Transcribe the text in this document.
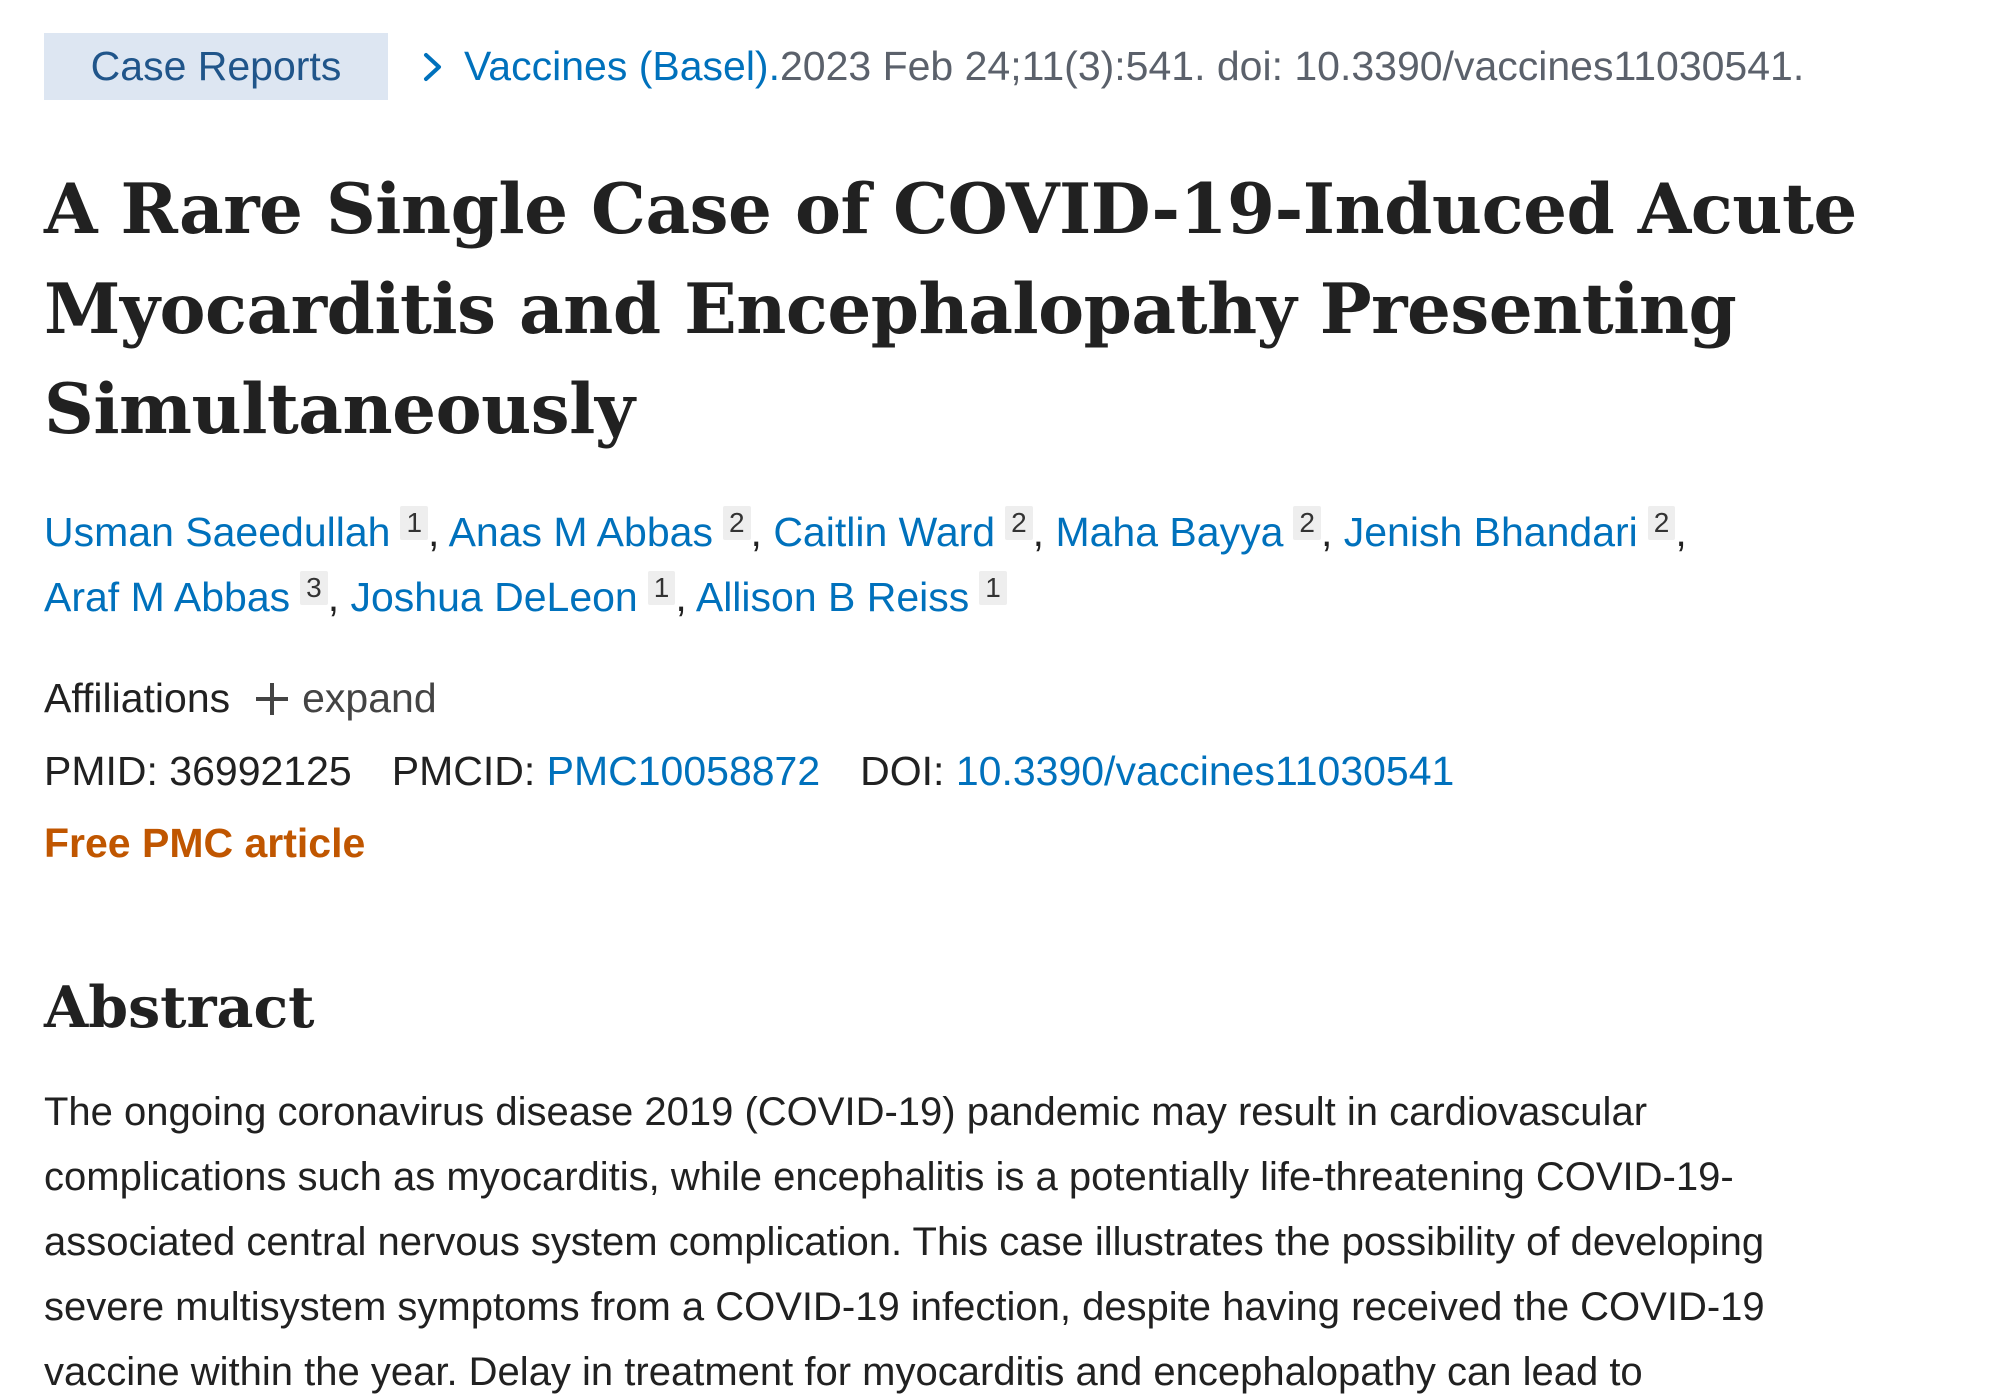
Case Reports	Vaccines (Basel). 2023 Feb 24;11(3):541. doi: 10.3390/vaccines11030541.
A Rare Single Case of COVID-19-Induced Acute Myocarditis and Encephalopathy Presenting Simultaneously
Usman Saeedullah 1 , Anas M Abbas 2 , Caitlin Ward 2 , Maha Bayya 2 , Jenish Bhandari 2 ,
Araf M Abbas 3 , Joshua DeLeon 1 , Allison B Reiss 1
Affiliations expand
PMID: 36992125 PMCID: PMC10058872 DOI: 10.3390/vaccines11030541
Free PMC article
Abstract
The ongoing coronavirus disease 2019 (COVID-19) pandemic may result in cardiovascular
complications such as myocarditis, while encephalitis is a potentially life-threatening COVID-19-
associated central nervous system complication. This case illustrates the possibility of developing
severe multisystem symptoms from a COVID-19 infection, despite having received the COVID-19
vaccine within the year. Delay in treatment for myocarditis and encephalopathy can lead to
